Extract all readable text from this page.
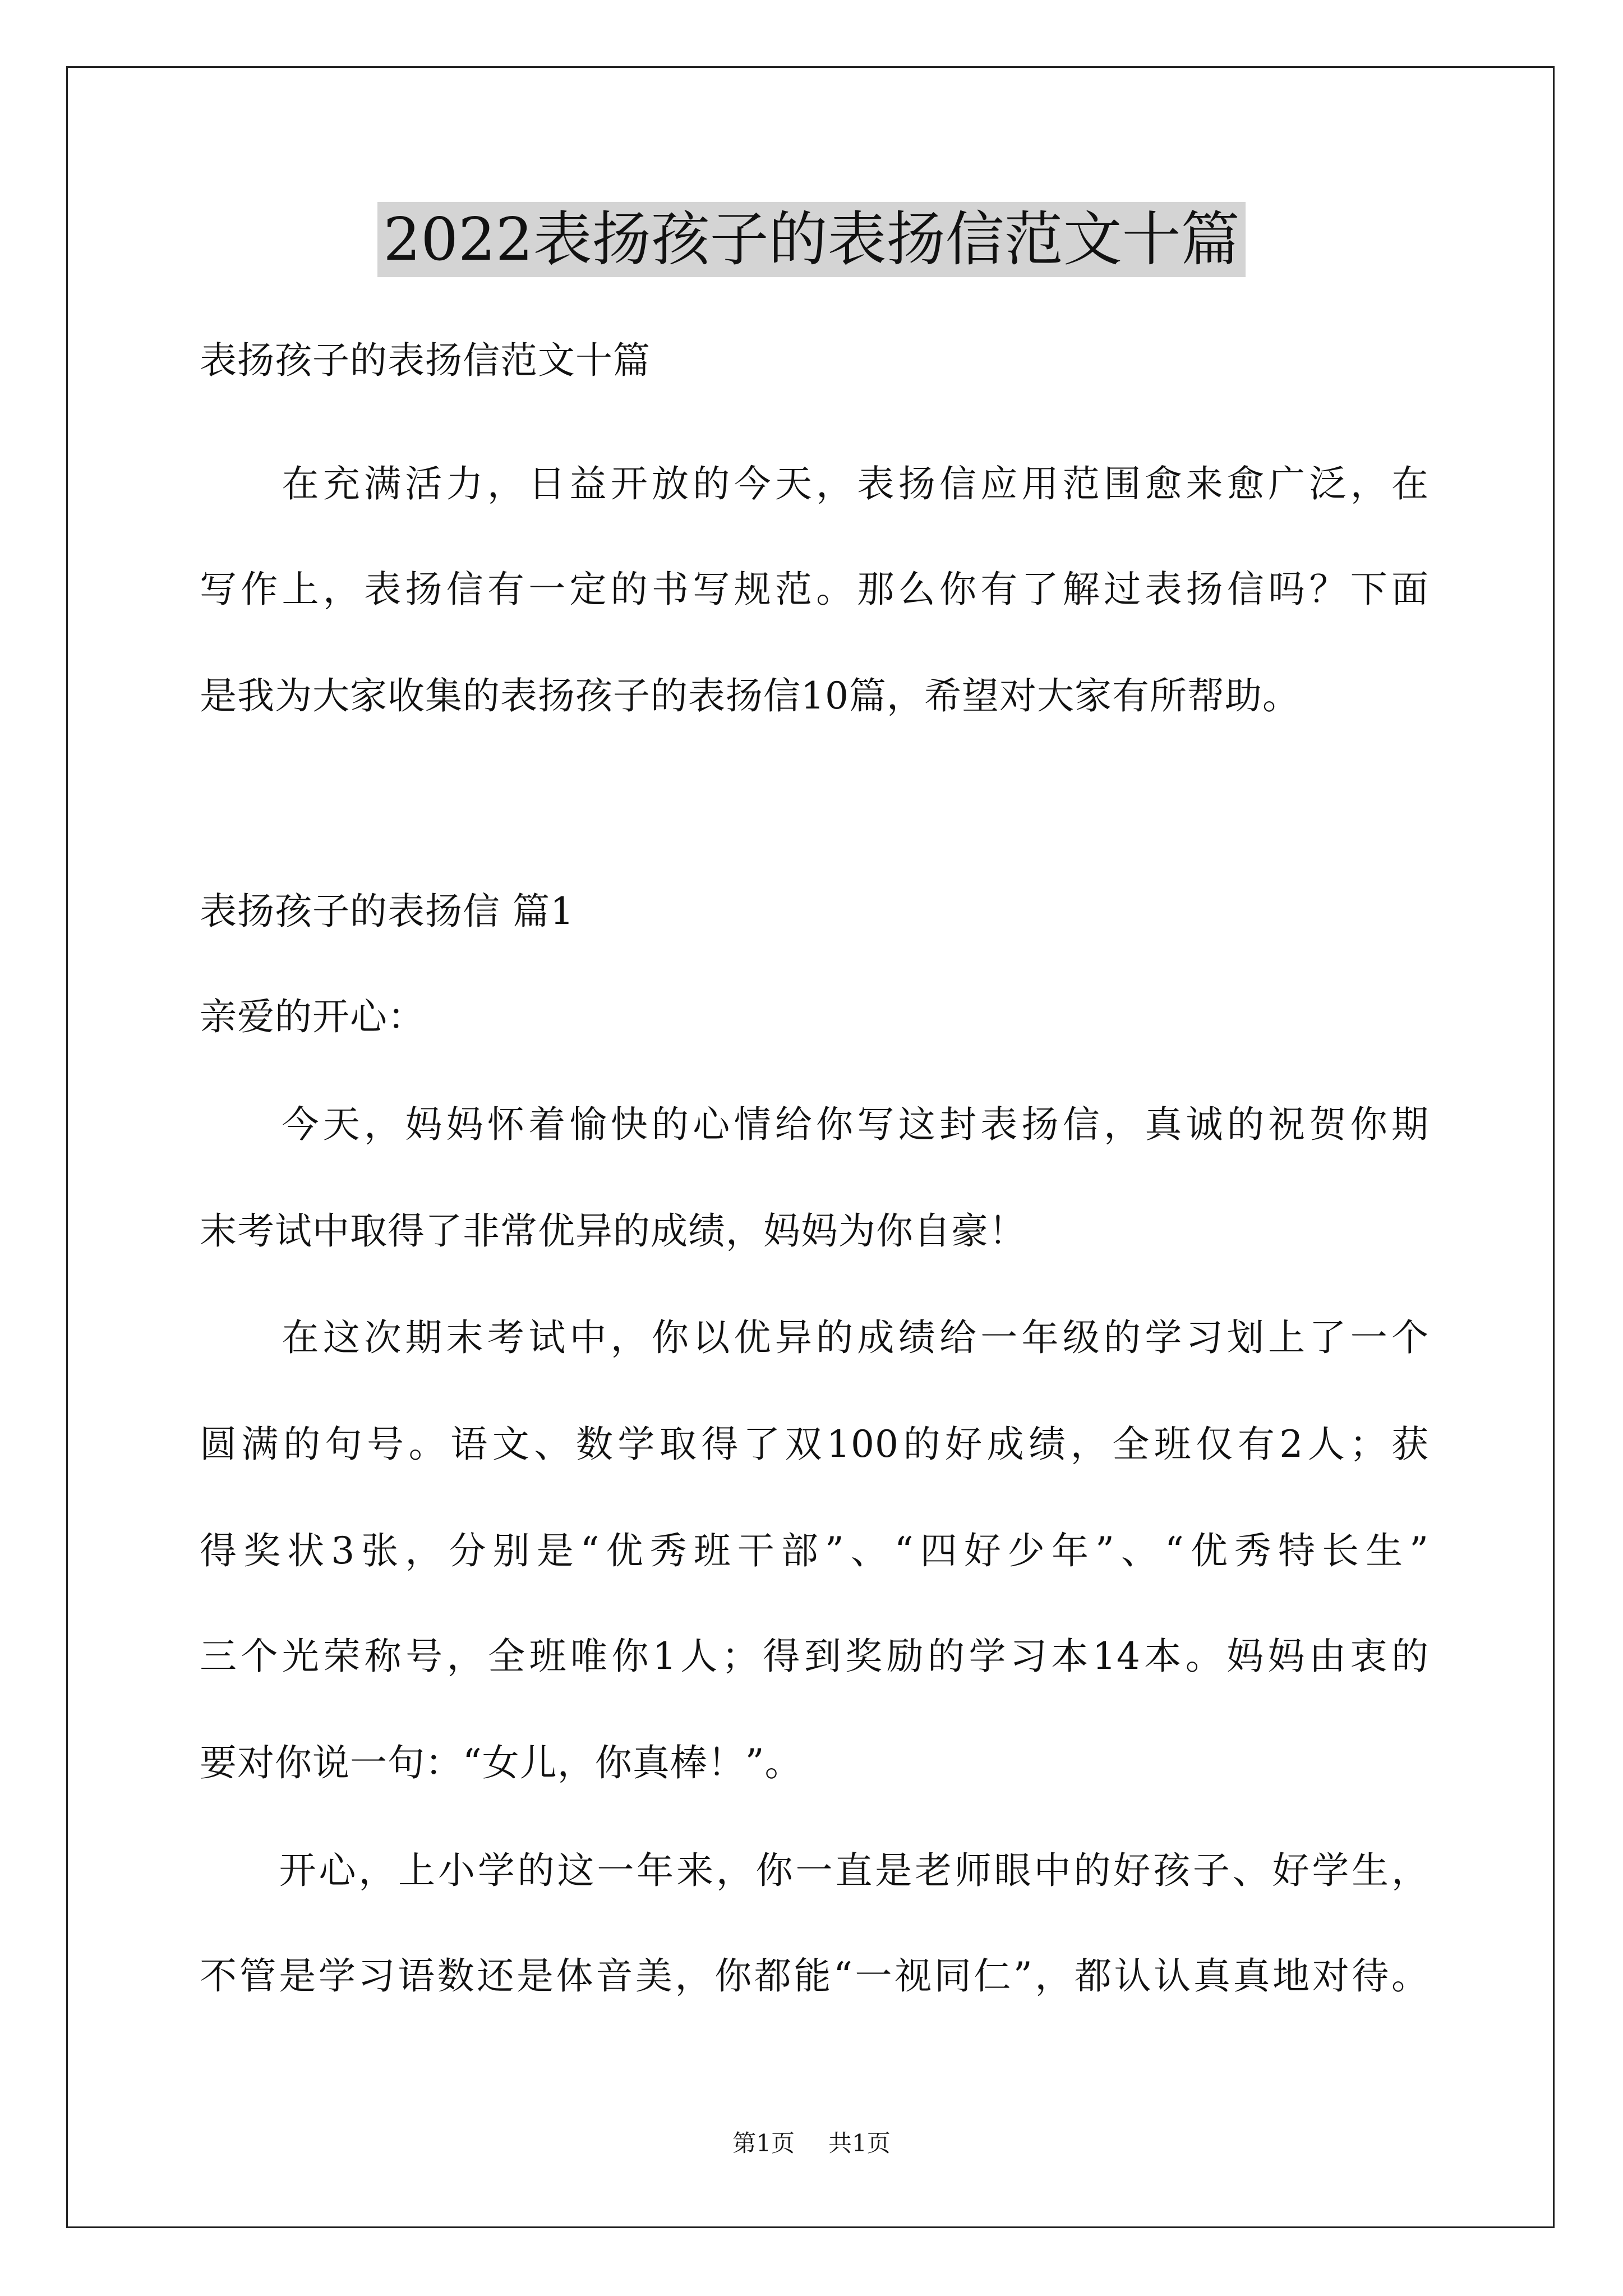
2022表扬孩子的表扬信范文十篇
表扬孩子的表扬信范文十篇
　　在充满活力，日益开放的今天，表扬信应用范围愈来愈广泛，在
写作上，表扬信有一定的书写规范。那么你有了解过表扬信吗？下面
是我为大家收集的表扬孩子的表扬信10篇，希望对大家有所帮助。
表扬孩子的表扬信 篇1
亲爱的开心：
　　今天，妈妈怀着愉快的心情给你写这封表扬信，真诚的祝贺你期
末考试中取得了非常优异的成绩，妈妈为你自豪！
　　在这次期末考试中，你以优异的成绩给一年级的学习划上了一个
圆满的句号。语文、数学取得了双100的好成绩，全班仅有2人；获
得奖状3张，分别是“优秀班干部”、“四好少年”、“优秀特长生”
三个光荣称号，全班唯你1人；得到奖励的学习本14本。妈妈由衷的
要对你说一句：“女儿，你真棒！”。
　　开心，上小学的这一年来，你一直是老师眼中的好孩子、好学生，
不管是学习语数还是体音美，你都能“一视同仁”，都认认真真地对待。
第1页 共1页
